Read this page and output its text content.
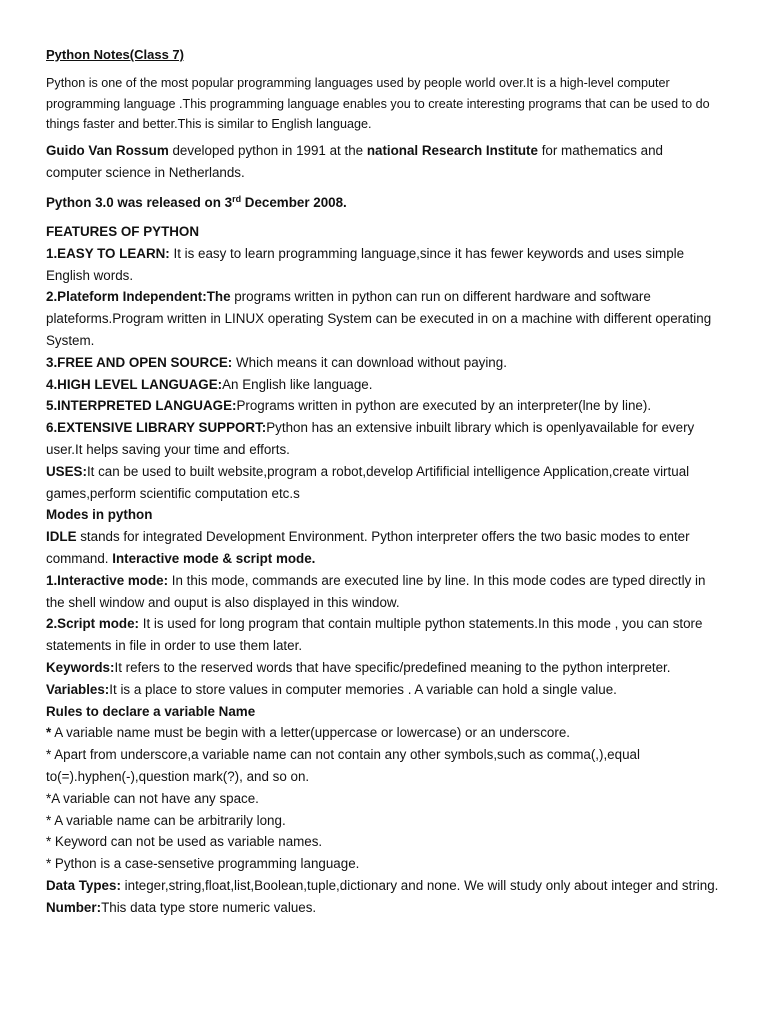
Python Notes(Class 7)

Python is one of the most popular programming languages used by people world over.It is a high-level computer programming language .This programming language enables you to create interesting programs that can be used to do things faster and better.This is similar to English language.

Guido Van Rossum developed python in 1991 at the national Research Institute for mathematics and computer science in Netherlands.

Python 3.0 was released on 3rd December 2008.

FEATURES OF PYTHON
1.EASY TO LEARN: It is easy to learn programming language,since it has fewer keywords and uses simple English words.
2.Plateform Independent:The programs written in python can run on different hardware and software plateforms.Program written in LINUX operating System can be executed in on a machine with different operating System.
3.FREE AND OPEN SOURCE: Which means it can download without paying.
4.HIGH LEVEL LANGUAGE:An English like language.
5.INTERPRETED LANGUAGE:Programs written in python are executed by an interpreter(lne by line).
6.EXTENSIVE LIBRARY SUPPORT:Python has an extensive inbuilt library which is openlyavailable for every user.It helps saving your time and efforts.
USES:It can be used to built website,program a robot,develop Artifificial intelligence Application,create virtual games,perform scientific computation etc.s
Modes in python
IDLE stands for integrated Development Environment. Python interpreter offers the two basic modes to enter command. Interactive mode & script mode.
1.Interactive mode: In this mode, commands are executed line by line. In this mode codes are typed directly in the shell window and ouput is also displayed in this window.
2.Script mode: It is used for long program that contain multiple python statements.In this mode , you can store statements in file in order to use them later.
Keywords:It refers to the reserved words that have specific/predefined meaning to the python interpreter.
Variables:It is a place to store values in computer memories . A variable can hold a single value.
Rules to declare a variable Name
* A variable name must be begin with a letter(uppercase or lowercase) or an underscore.
* Apart from underscore,a variable name can not contain any other symbols,such as comma(,),equal to(=).hyphen(-),question mark(?), and so on.
*A variable can not have any space.
* A variable name can be arbitrarily long.
* Keyword can not be used as variable names.
* Python is a case-sensetive programming language.
Data Types: integer,string,float,list,Boolean,tuple,dictionary and none. We will study only about integer and string.
Number:This data type store numeric values.
